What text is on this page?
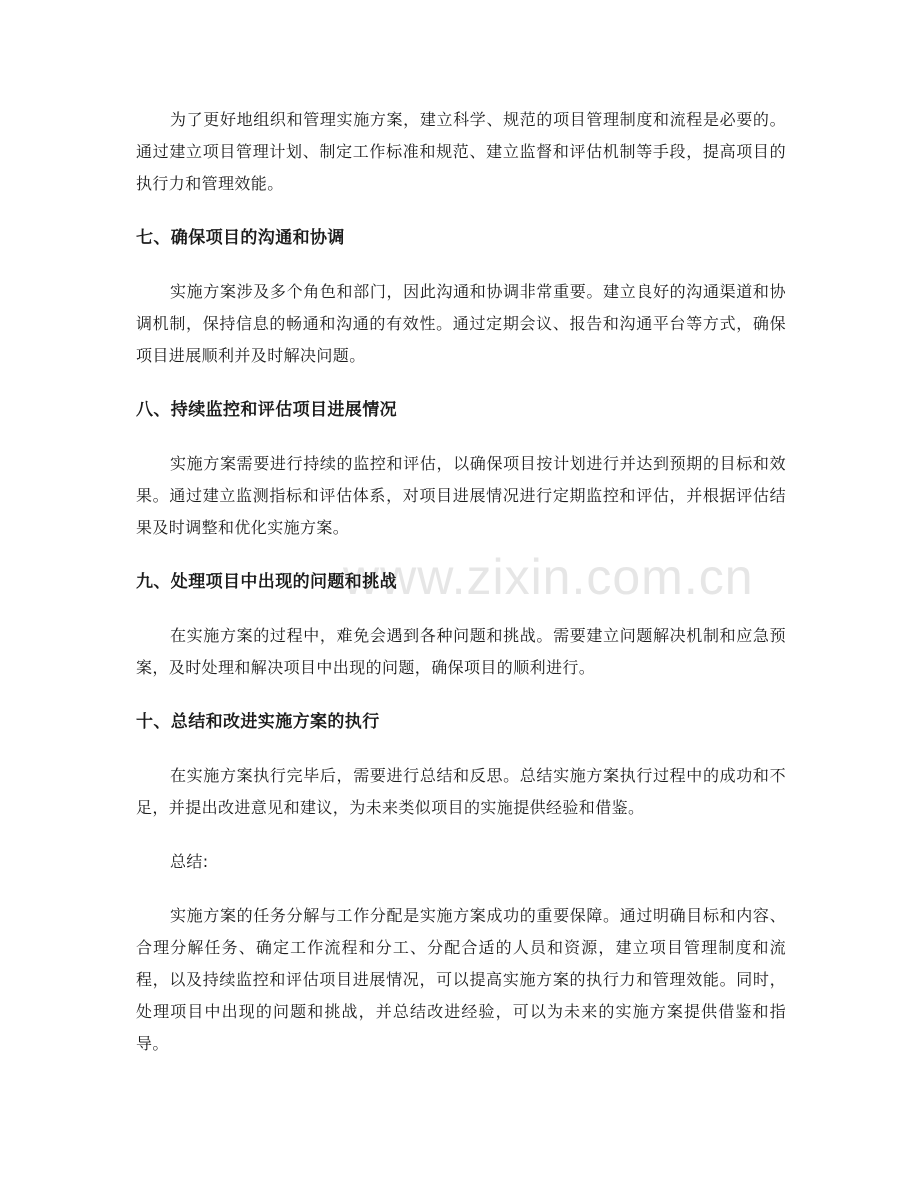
www.zixin.com.cn

为了更好地组织和管理实施方案，建立科学、规范的项目管理制度和流程是必要的。通过建立项目管理计划、制定工作标准和规范、建立监督和评估机制等手段，提高项目的执行力和管理效能。

七、确保项目的沟通和协调

实施方案涉及多个角色和部门，因此沟通和协调非常重要。建立良好的沟通渠道和协调机制，保持信息的畅通和沟通的有效性。通过定期会议、报告和沟通平台等方式，确保项目进展顺利并及时解决问题。

八、持续监控和评估项目进展情况

实施方案需要进行持续的监控和评估，以确保项目按计划进行并达到预期的目标和效果。通过建立监测指标和评估体系，对项目进展情况进行定期监控和评估，并根据评估结果及时调整和优化实施方案。

九、处理项目中出现的问题和挑战

在实施方案的过程中，难免会遇到各种问题和挑战。需要建立问题解决机制和应急预案，及时处理和解决项目中出现的问题，确保项目的顺利进行。

十、总结和改进实施方案的执行

在实施方案执行完毕后，需要进行总结和反思。总结实施方案执行过程中的成功和不足，并提出改进意见和建议，为未来类似项目的实施提供经验和借鉴。

总结:

实施方案的任务分解与工作分配是实施方案成功的重要保障。通过明确目标和内容、合理分解任务、确定工作流程和分工、分配合适的人员和资源，建立项目管理制度和流程，以及持续监控和评估项目进展情况，可以提高实施方案的执行力和管理效能。同时，处理项目中出现的问题和挑战，并总结改进经验，可以为未来的实施方案提供借鉴和指导。
